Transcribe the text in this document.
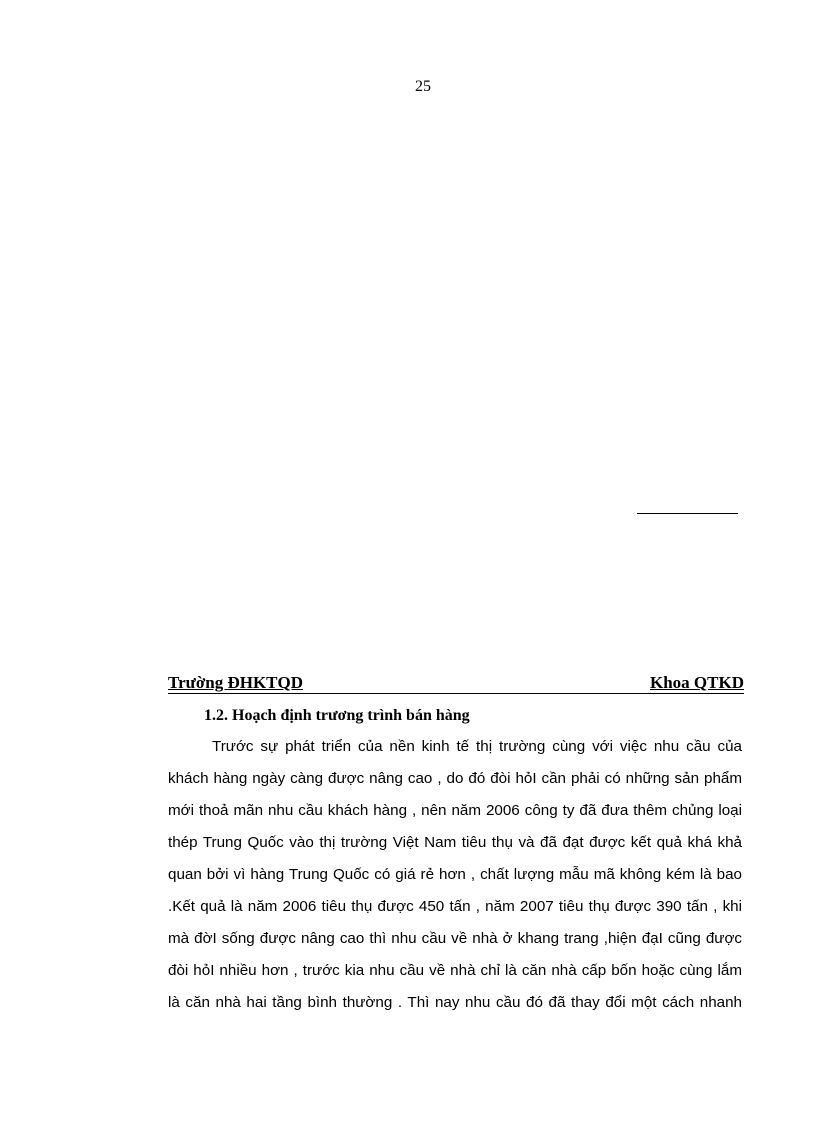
25
Trường ĐHKTQD	Khoa QTKD
1.2. Hoạch định trương trình bán hàng
Trước sự phát triển của nền kinh tế thị trường cùng với việc nhu cầu của
khách hàng ngày càng được nâng cao , do đó đòi hỏI cần phải có những sản phẩm
mới thoả mãn nhu cầu khách hàng , nên năm 2006 công ty đã đưa thêm chủng loại
thép Trung Quốc vào thị trường Việt Nam tiêu thụ và đã đạt được kết quả khá khả
quan bởi vì hàng Trung Quốc có giá rẻ hơn , chất lượng mẫu mã không kém là bao
.Kết quả là năm 2006 tiêu thụ được 450 tấn , năm 2007 tiêu thụ được 390 tấn , khi
mà đờI sống được nâng cao thì nhu cầu về nhà ở khang trang ,hiện đạI cũng được
đòi hỏI nhiều hơn , trước kia nhu cầu về nhà chỉ là căn nhà cấp bốn hoặc cùng lắm
là căn nhà hai tầng bình thường . Thì nay nhu cầu đó đã thay đổi một cách nhanh
